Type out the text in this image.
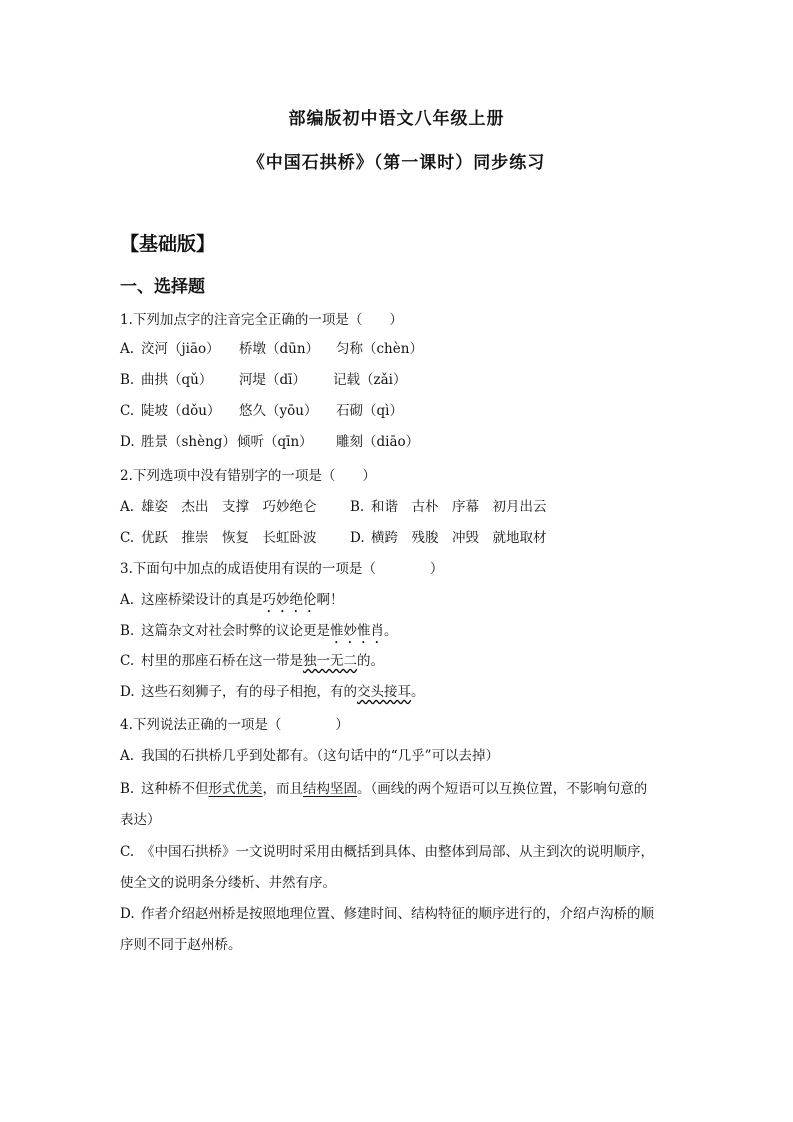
部编版初中语文八年级上册
《中国石拱桥》（第一课时）同步练习
【基础版】
一、选择题
1.下列加点字的注音完全正确的一项是（　　）
A. 洨河（jiāo） 桥墩（dūn） 匀称（chèn）
B. 曲拱（qǔ） 河堤（dī） 记载（zǎi）
C. 陡坡（dǒu） 悠久（yōu） 石砌（qì）
D. 胜景（shèng）倾听（qīn） 雕刻（diāo）
2.下列选项中没有错别字的一项是（　　）
A. 雄姿　杰出　支撑　巧妙绝仑 B. 和谐　古朴　序幕　初月出云
C. 优跃　推崇　恢复　长虹卧波 D. 横跨　残朘　冲毁　就地取材
3.下面句中加点的成语使用有误的一项是（　　　　）
A. 这座桥梁设计的真是巧妙绝伦啊！
B. 这篇杂文对社会时弊的议论更是惟妙惟肖。
C. 村里的那座石桥在这一带是独一无二的。
D. 这些石刻狮子，有的母子相抱，有的交头接耳。
4.下列说法正确的一项是（　　　　）
A. 我国的石拱桥几乎到处都有。（这句话中的“几乎”可以去掉）
B. 这种桥不但形式优美，而且结构坚固。（画线的两个短语可以互换位置，不影响句意的
表达）
C. 《中国石拱桥》一文说明时采用由概括到具体、由整体到局部、从主到次的说明顺序，
使全文的说明条分缕析、井然有序。
D. 作者介绍赵州桥是按照地理位置、修建时间、结构特征的顺序进行的，介绍卢沟桥的顺
序则不同于赵州桥。
